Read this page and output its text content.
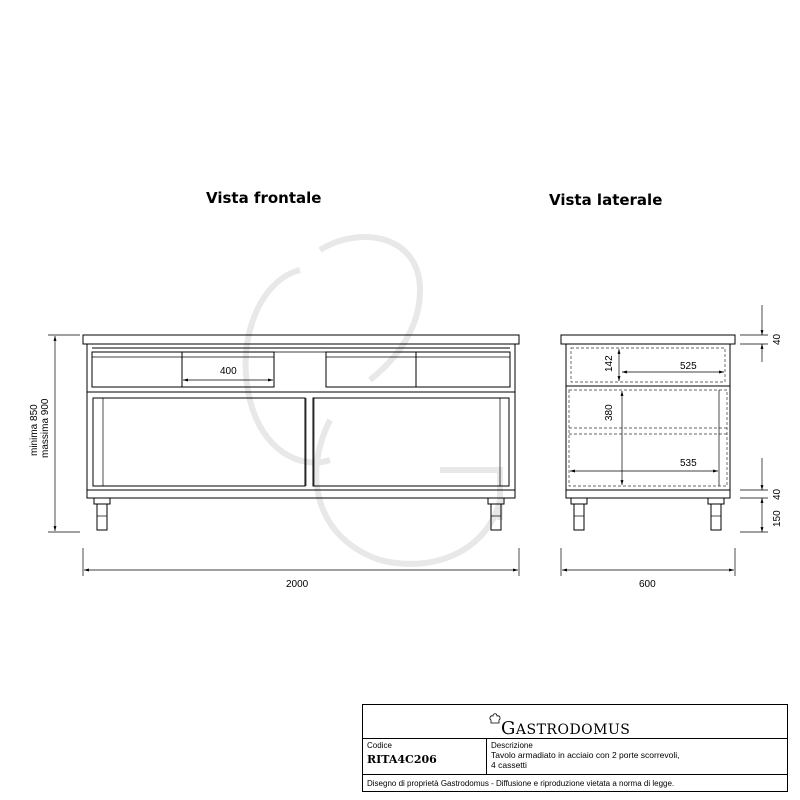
Vista frontale	Vista laterale
400
2000
minima 850 massima 900
142	525
380
535
600
40
40
150
GASTRODOMUS
Codice
RITA4C206
Descrizione
Tavolo armadiato in acciaio con 2 porte scorrevoli,
4 cassetti
Disegno di proprietà Gastrodomus - Diffusione e riproduzione vietata a norma di legge.
